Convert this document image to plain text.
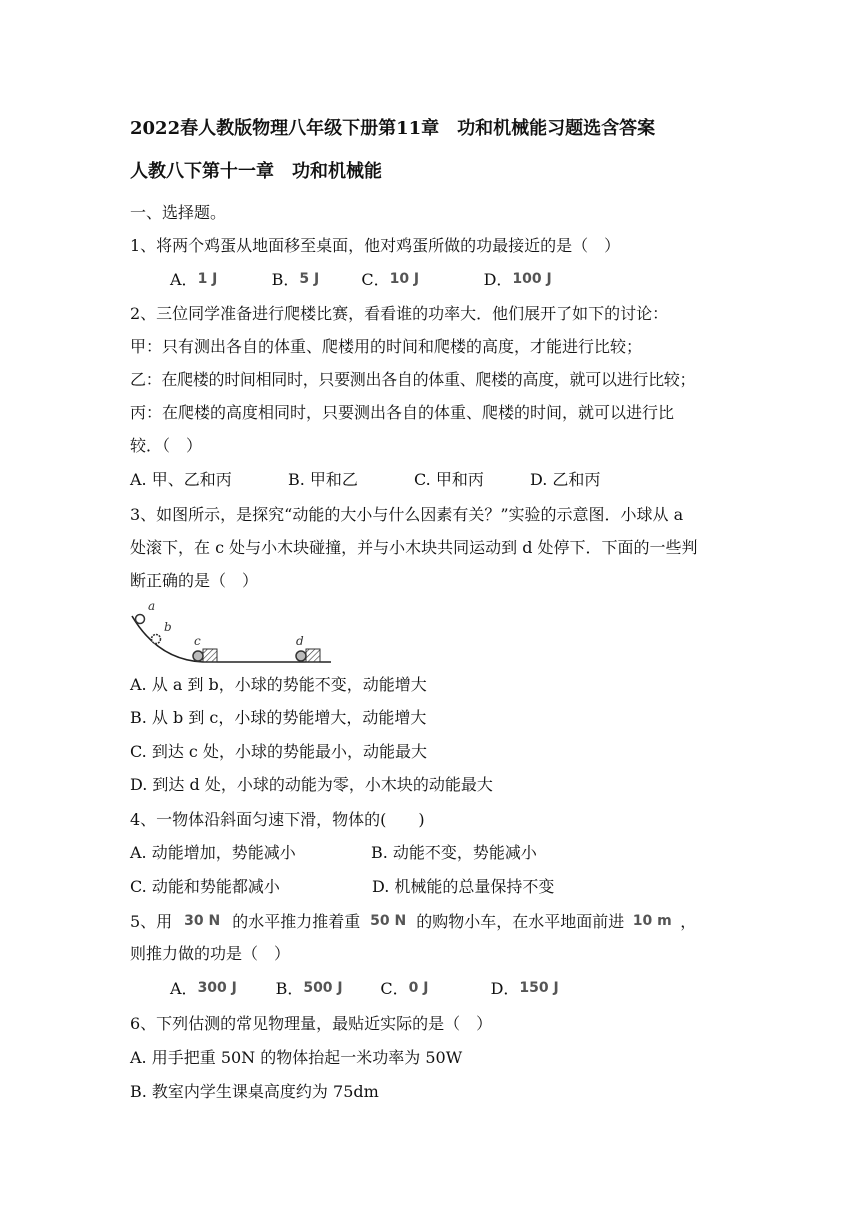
2022春人教版物理八年级下册第11章　功和机械能习题选含答案
人教八下第十一章　功和机械能
一、选择题。
1、将两个鸡蛋从地面移至桌面，他对鸡蛋所做的功最接近的是（　）
A．1 J	B．5 J	C．10 J	D．100 J
2、三位同学准备进行爬楼比赛，看看谁的功率大．他们展开了如下的讨论：
甲：只有测出各自的体重、爬楼用的时间和爬楼的高度，才能进行比较；
乙：在爬楼的时间相同时，只要测出各自的体重、爬楼的高度，就可以进行比较；
丙：在爬楼的高度相同时，只要测出各自的体重、爬楼的时间，就可以进行比
较．（　）
A. 甲、乙和丙	B. 甲和乙	C. 甲和丙	D. 乙和丙
3、如图所示，是探究“动能的大小与什么因素有关？”实验的示意图．小球从 a
处滚下，在 c 处与小木块碰撞，并与小木块共同运动到 d 处停下．下面的一些判
断正确的是（　）
a
b
c	d
A. 从 a 到 b，小球的势能不变，动能增大
B. 从 b 到 c，小球的势能增大，动能增大
C. 到达 c 处，小球的势能最小，动能最大
D. 到达 d 处，小球的动能为零，小木块的动能最大
4、一物体沿斜面匀速下滑，物体的(　　)
A. 动能增加，势能减小	B. 动能不变，势能减小
C. 动能和势能都减小	D. 机械能的总量保持不变
5、用 30 N 的水平推力推着重 50 N 的购物小车，在水平地面前进 10 m ，
则推力做的功是（　）
A．300 J B．500 J C．0 J	D．150 J
6、下列估测的常见物理量，最贴近实际的是（　）
A. 用手把重 50N 的物体抬起一米功率为 50W
B. 教室内学生课桌高度约为 75dm
